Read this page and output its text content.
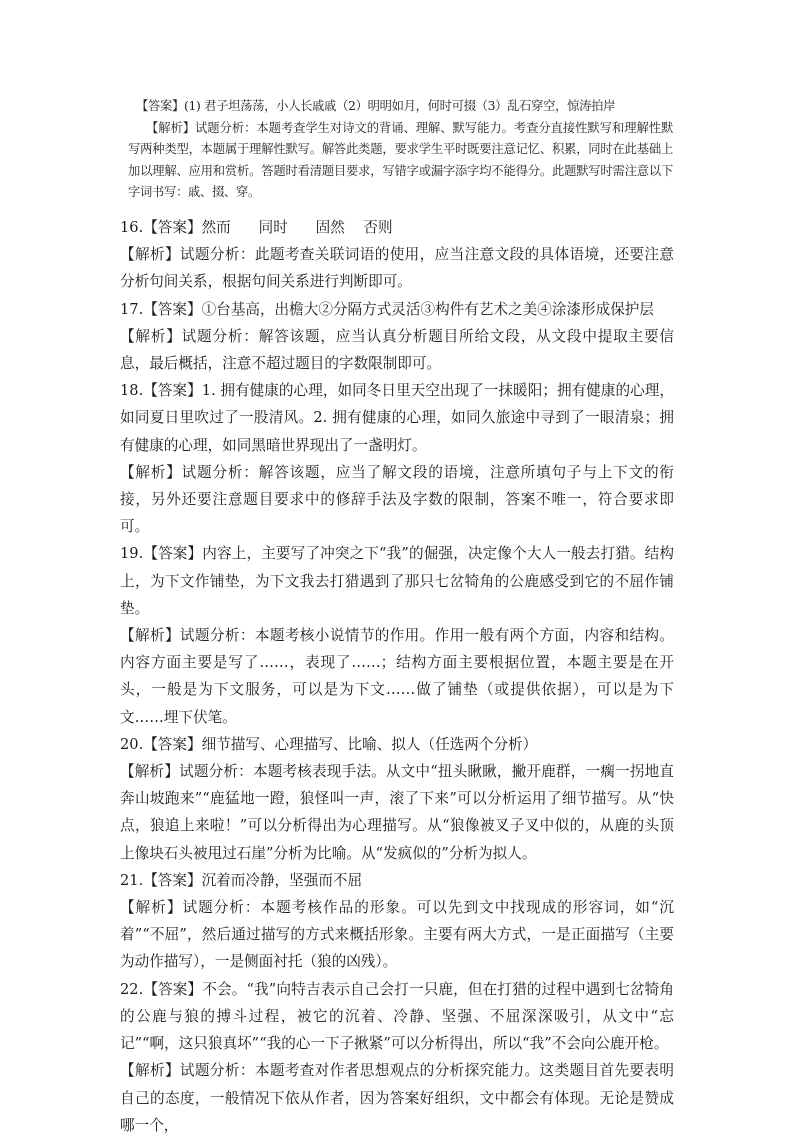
【答案】(1) 君子坦荡荡，小人长戚戚（2）明明如月，何时可掇（3）乱石穿空，惊涛拍岸

【解析】试题分析：本题考查学生对诗文的背诵、理解、默写能力。考查分直接性默写和理解性默写两种类型，本题属于理解性默写。解答此类题，要求学生平时既要注意记忆、积累，同时在此基础上加以理解、应用和赏析。答题时看清题目要求，写错字或漏字添字均不能得分。此题默写时需注意以下字词书写：戚、掇、穿。

16.【答案】然而      同时      固然    否则

【解析】试题分析：此题考查关联词语的使用，应当注意文段的具体语境，还要注意分析句间关系，根据句间关系进行判断即可。

17.【答案】①台基高，出檐大②分隔方式灵活③构件有艺术之美④涂漆形成保护层

【解析】试题分析：解答该题，应当认真分析题目所给文段，从文段中提取主要信息，最后概括，注意不超过题目的字数限制即可。

18.【答案】1. 拥有健康的心理，如同冬日里天空出现了一抹暖阳；拥有健康的心理，如同夏日里吹过了一股清风。2. 拥有健康的心理，如同久旅途中寻到了一眼清泉；拥有健康的心理，如同黑暗世界现出了一盏明灯。

【解析】试题分析：解答该题，应当了解文段的语境，注意所填句子与上下文的衔接，另外还要注意题目要求中的修辞手法及字数的限制，答案不唯一，符合要求即可。

19.【答案】内容上，主要写了冲突之下“我”的倔强，决定像个大人一般去打猎。结构上，为下文作铺垫，为下文我去打猎遇到了那只七岔犄角的公鹿感受到它的不屈作铺垫。

【解析】试题分析：本题考核小说情节的作用。作用一般有两个方面，内容和结构。内容方面主要是写了……，表现了……；结构方面主要根据位置，本题主要是在开头，一般是为下文服务，可以是为下文……做了铺垫（或提供依据），可以是为下文……埋下伏笔。

20.【答案】细节描写、心理描写、比喻、拟人（任选两个分析）

【解析】试题分析：本题考核表现手法。从文中“扭头瞅瞅，撇开鹿群，一瘸一拐地直奔山坡跑来”“鹿猛地一蹬，狼怪叫一声，滚了下来”可以分析运用了细节描写。从“快点，狼追上来啦！”可以分析得出为心理描写。从“狼像被叉子叉中似的，从鹿的头顶上像块石头被甩过石崖”分析为比喻。从“发疯似的”分析为拟人。

21.【答案】沉着而冷静，坚强而不屈

【解析】试题分析：本题考核作品的形象。可以先到文中找现成的形容词，如“沉着”“不屈”，然后通过描写的方式来概括形象。主要有两大方式，一是正面描写（主要为动作描写），一是侧面衬托（狼的凶残）。

22.【答案】不会。“我”向特吉表示自己会打一只鹿，但在打猎的过程中遇到七岔犄角的公鹿与狼的搏斗过程，被它的沉着、冷静、坚强、不屈深深吸引，从文中“忘记”“啊，这只狼真坏”“我的心一下子揪紧”可以分析得出，所以“我”不会向公鹿开枪。

【解析】试题分析：本题考查对作者思想观点的分析探究能力。这类题目首先要表明自己的态度，一般情况下依从作者，因为答案好组织，文中都会有体现。无论是赞成哪一个，
